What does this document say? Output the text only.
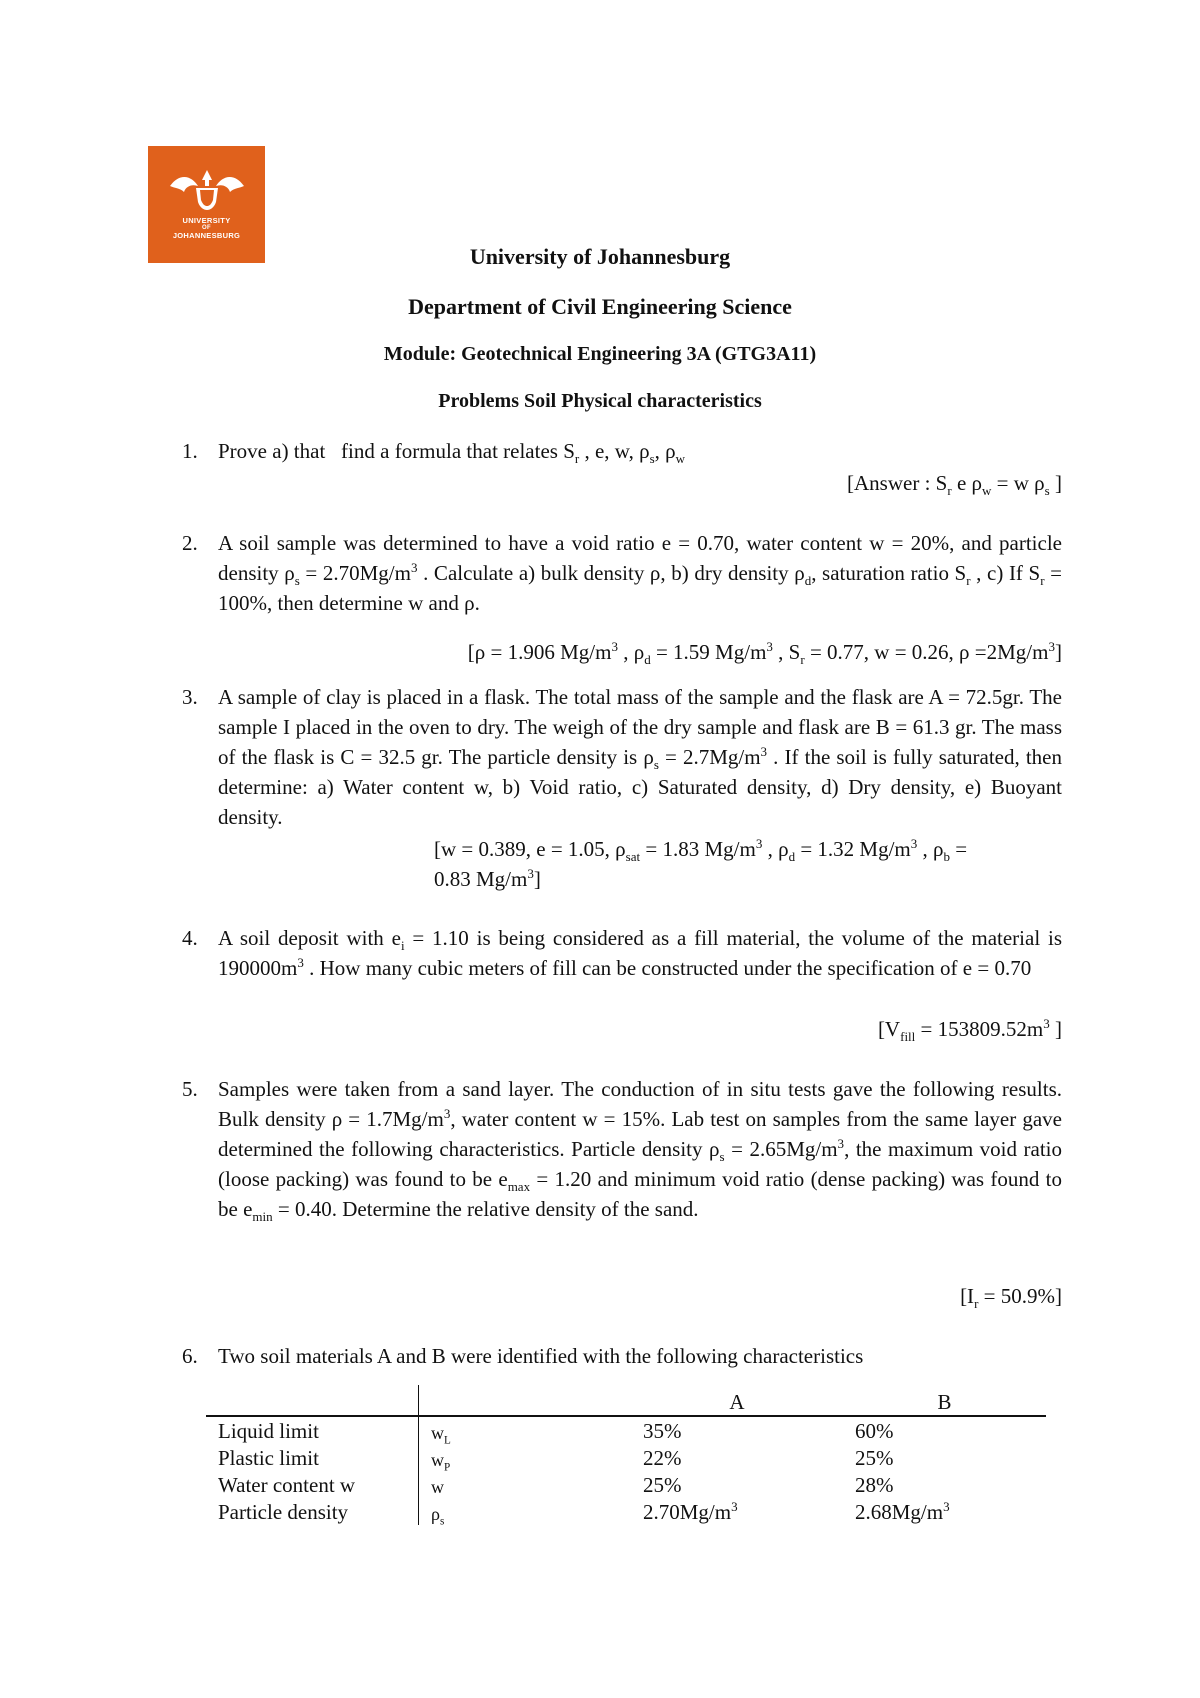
UNIVERSITY
OF
JOHANNESBURG
University of Johannesburg
Department of Civil Engineering Science
Module: Geotechnical Engineering 3A (GTG3A11)
Problems Soil Physical characteristics
1. Prove a) that   find a formula that relates $S_r$ , e, w, $\rho_s$, $\rho_w$
[Answer : $S_r$ e $\rho_w = w$ $\rho_s$ ]
2. A soil sample was determined to have a void ratio e = 0.70, water content w = 20%, and particle density $\rho_s = 2.70Mg/m^3$ . Calculate a) bulk density ρ, b) dry density $\rho_d$, saturation ratio $S_r$ , c) If $S_r = 100\%$, then determine w and ρ.
[ρ = 1.906 $Mg/m^3$ , $\rho_d = 1.59$ $Mg/m^3$ , $S_r = 0.77$, w = 0.26, $\rho =2Mg/m^3$]
3. A sample of clay is placed in a flask. The total mass of the sample and the flask are A = 72.5gr. The sample I placed in the oven to dry. The weigh of the dry sample and flask are B = 61.3 gr. The mass of the flask is C = 32.5 gr. The particle density is $\rho_s = 2.7Mg/m^3$ . If the soil is fully saturated, then determine: a) Water content w, b) Void ratio, c) Saturated density, d) Dry density, e) Buoyant density.
[w = 0.389, e = 1.05, $\rho_{sat} = 1.83$ $Mg/m^3$ , $\rho_d = 1.32$ $Mg/m^3$ , $\rho_b$ =
0.83 $Mg/m^3$]
4. A soil deposit with $e_i = 1.10$ is being considered as a fill material, the volume of the material is $190000m^3$ . How many cubic meters of fill can be constructed under the specification of e = 0.70
[$V_{fill} = 153809.52m^3$ ]
5. Samples were taken from a sand layer. The conduction of in situ tests gave the following results. Bulk density $\rho = 1.7Mg/m^3$, water content w = 15%. Lab test on samples from the same layer gave determined the following characteristics. Particle density $\rho_s = 2.65Mg/m^3$, the maximum void ratio (loose packing) was found to be $e_{max} = 1.20$ and minimum void ratio (dense packing) was found to be $e_{min} = 0.40$. Determine the relative density of the sand.
$[I_r = 50.9\%]$
6. Two soil materials A and B were identified with the following characteristics
		A	B
Liquid limit	$w_L$	35%	60%
Plastic limit	$w_P$	22%	25%
Water content w	w	25%	28%
Particle density	$\rho_s$	$2.70Mg/m^3$	$2.68Mg/m^3$
